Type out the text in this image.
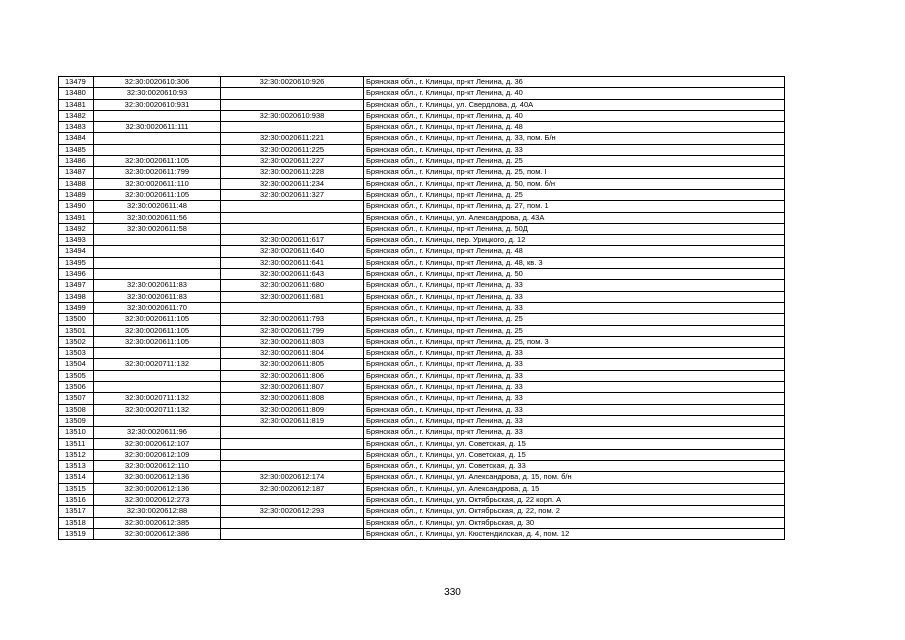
13479	32:30:0020610:306	32:30:0020610:926	Брянская обл., г. Клинцы, пр-кт Ленина, д. 36
13480	32:30:0020610:93		Брянская обл., г. Клинцы, пр-кт Ленина, д. 40
13481	32:30:0020610:931		Брянская обл., г. Клинцы, ул. Свердлова, д. 40А
13482		32:30:0020610:938	Брянская обл., г. Клинцы, пр-кт Ленина, д. 40
13483	32:30:0020611:111		Брянская обл., г. Клинцы, пр-кт Ленина, д. 48
13484		32:30:0020611:221	Брянская обл., г. Клинцы, пр-кт Ленина, д. 33, пом. Б/н
13485		32:30:0020611:225	Брянская обл., г. Клинцы, пр-кт Ленина, д. 33
13486	32:30:0020611:105	32:30:0020611:227	Брянская обл., г. Клинцы, пр-кт Ленина, д. 25
13487	32:30:0020611:799	32:30:0020611:228	Брянская обл., г. Клинцы, пр-кт Ленина, д. 25, пом. I
13488	32:30:0020611:110	32:30:0020611:234	Брянская обл., г. Клинцы, пр-кт Ленина, д. 50, пом. б/н
13489	32:30:0020611:105	32:30:0020611:327	Брянская обл., г. Клинцы, пр-кт Ленина, д. 25
13490	32:30:0020611:48		Брянская обл., г. Клинцы, пр-кт Ленина, д. 27, пом. 1
13491	32:30:0020611:56		Брянская обл., г. Клинцы, ул. Александрова, д. 43А
13492	32:30:0020611:58		Брянская обл., г. Клинцы, пр-кт Ленина, д. 50Д
13493		32:30:0020611:617	Брянская обл., г. Клинцы, пер. Урицкого, д. 12
13494		32:30:0020611:640	Брянская обл., г. Клинцы, пр-кт Ленина, д. 48
13495		32:30:0020611:641	Брянская обл., г. Клинцы, пр-кт Ленина, д. 48, кв. 3
13496		32:30:0020611:643	Брянская обл., г. Клинцы, пр-кт Ленина, д. 50
13497	32:30:0020611:83	32:30:0020611:680	Брянская обл., г. Клинцы, пр-кт Ленина, д. 33
13498	32:30:0020611:83	32:30:0020611:681	Брянская обл., г. Клинцы, пр-кт Ленина, д. 33
13499	32:30:0020611:70		Брянская обл., г. Клинцы, пр-кт Ленина, д. 33
13500	32:30:0020611:105	32:30:0020611:793	Брянская обл., г. Клинцы, пр-кт Ленина, д. 25
13501	32:30:0020611:105	32:30:0020611:799	Брянская обл., г. Клинцы, пр-кт Ленина, д. 25
13502	32:30:0020611:105	32:30:0020611:803	Брянская обл., г. Клинцы, пр-кт Ленина, д. 25, пом. 3
13503		32:30:0020611:804	Брянская обл., г. Клинцы, пр-кт Ленина, д. 33
13504	32:30:0020711:132	32:30:0020611:805	Брянская обл., г. Клинцы, пр-кт Ленина, д. 33
13505		32:30:0020611:806	Брянская обл., г. Клинцы, пр-кт Ленина, д. 33
13506		32:30:0020611:807	Брянская обл., г. Клинцы, пр-кт Ленина, д. 33
13507	32:30:0020711:132	32:30:0020611:808	Брянская обл., г. Клинцы, пр-кт Ленина, д. 33
13508	32:30:0020711:132	32:30:0020611:809	Брянская обл., г. Клинцы, пр-кт Ленина, д. 33
13509		32:30:0020611:819	Брянская обл., г. Клинцы, пр-кт Ленина, д. 33
13510	32:30:0020611:96		Брянская обл., г. Клинцы, пр-кт Ленина, д. 33
13511	32:30:0020612:107		Брянская обл., г. Клинцы, ул. Советская, д. 15
13512	32:30:0020612:109		Брянская обл., г. Клинцы, ул. Советская, д. 15
13513	32:30:0020612:110		Брянская обл., г. Клинцы, ул. Советская, д. 33
13514	32:30:0020612:136	32:30:0020612:174	Брянская обл., г. Клинцы, ул. Александрова, д. 15, пом. б/н
13515	32:30:0020612:136	32:30:0020612:187	Брянская обл., г. Клинцы, ул. Александрова, д. 15
13516	32:30:0020612:273		Брянская обл., г. Клинцы, ул. Октябрьская, д. 22 корп. А
13517	32:30:0020612:88	32:30:0020612:293	Брянская обл., г. Клинцы, ул. Октябрьская, д. 22, пом. 2
13518	32:30:0020612:385		Брянская обл., г. Клинцы, ул. Октябрьская, д. 30
13519	32:30:0020612:386		Брянская обл., г. Клинцы, ул. Кюстендилская, д. 4, пом. 12
330
